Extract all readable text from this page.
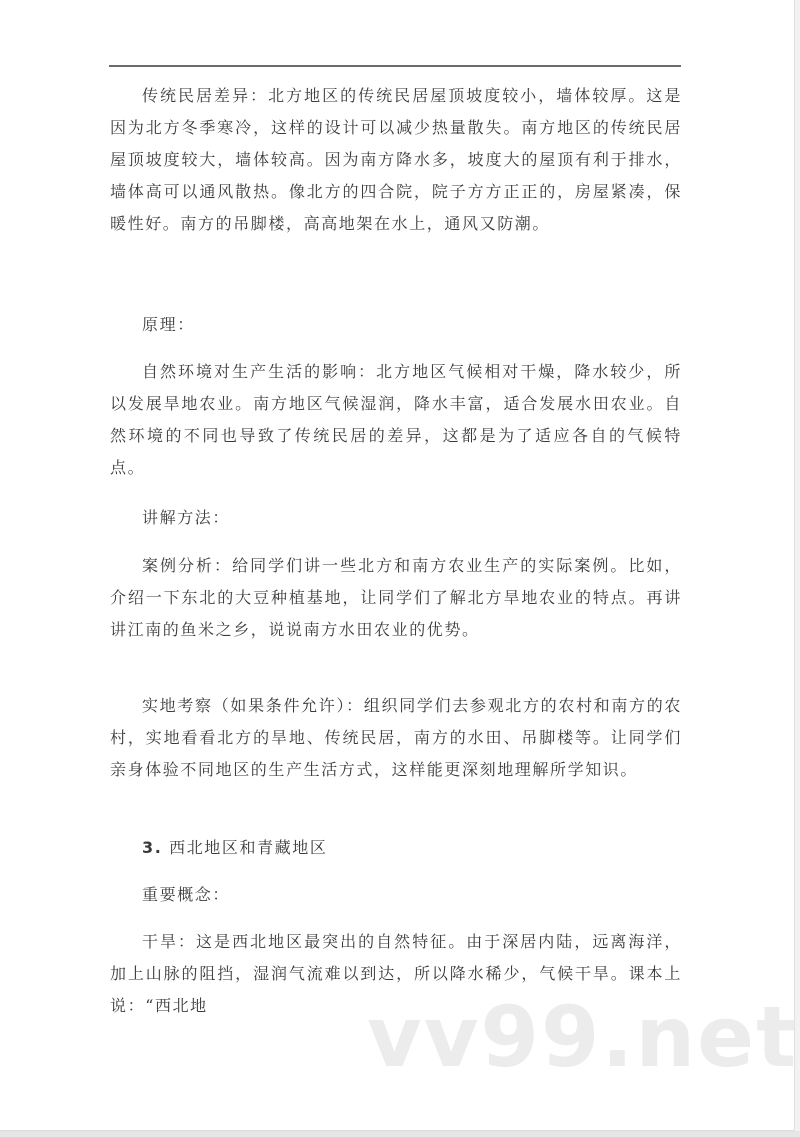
传统民居差异：北方地区的传统民居屋顶坡度较小，墙体较厚。这是因为北方冬季寒冷，这样的设计可以减少热量散失。南方地区的传统民居屋顶坡度较大，墙体较高。因为南方降水多，坡度大的屋顶有利于排水，墙体高可以通风散热。像北方的四合院，院子方方正正的，房屋紧凑，保暖性好。南方的吊脚楼，高高地架在水上，通风又防潮。

原理：

自然环境对生产生活的影响：北方地区气候相对干燥，降水较少，所以发展旱地农业。南方地区气候湿润，降水丰富，适合发展水田农业。自然环境的不同也导致了传统民居的差异，这都是为了适应各自的气候特点。

讲解方法：

案例分析：给同学们讲一些北方和南方农业生产的实际案例。比如，介绍一下东北的大豆种植基地，让同学们了解北方旱地农业的特点。再讲讲江南的鱼米之乡，说说南方水田农业的优势。

实地考察（如果条件允许）：组织同学们去参观北方的农村和南方的农村，实地看看北方的旱地、传统民居，南方的水田、吊脚楼等。让同学们亲身体验不同地区的生产生活方式，这样能更深刻地理解所学知识。

3. 西北地区和青藏地区

重要概念：

干旱：这是西北地区最突出的自然特征。由于深居内陆，远离海洋，加上山脉的阻挡，湿润气流难以到达，所以降水稀少，气候干旱。课本上说：“西北地	vv99.net
